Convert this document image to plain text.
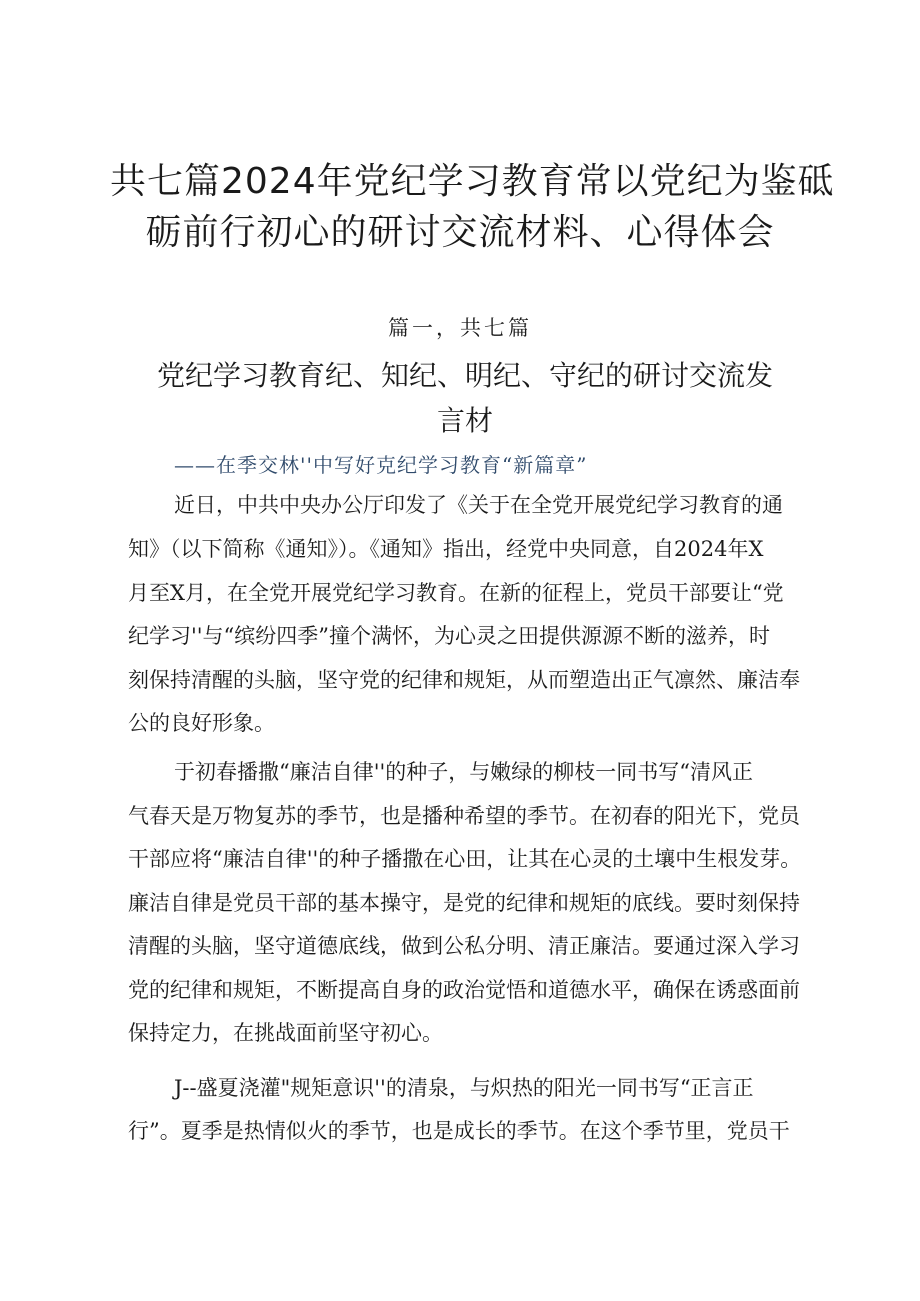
共七篇2024年党纪学习教育常以党纪为鉴砥
砺前行初心的研讨交流材料、心得体会
篇一，共七篇
党纪学习教育纪、知纪、明纪、守纪的研讨交流发
言材
——在季交林''中写好克纪学习教育“新篇章”
近日，中共中央办公厅印发了《关于在全党开展党纪学习教育的通
知》（以下简称《通知》）。《通知》指出，经党中央同意，自2024年X
月至X月，在全党开展党纪学习教育。在新的征程上，党员干部要让“党
纪学习''与“缤纷四季”撞个满怀，为心灵之田提供源源不断的滋养，时
刻保持清醒的头脑，坚守党的纪律和规矩，从而塑造出正气凛然、廉洁奉
公的良好形象。
于初春播撒“廉洁自律''的种子，与嫩绿的柳枝一同书写“清风正
气春天是万物复苏的季节，也是播种希望的季节。在初春的阳光下，党员
干部应将“廉洁自律''的种子播撒在心田，让其在心灵的土壤中生根发芽。
廉洁自律是党员干部的基本操守，是党的纪律和规矩的底线。要时刻保持
清醒的头脑，坚守道德底线，做到公私分明、清正廉洁。要通过深入学习
党的纪律和规矩，不断提高自身的政治觉悟和道德水平，确保在诱惑面前
保持定力，在挑战面前坚守初心。
J--盛夏浇灌"规矩意识''的清泉，与炽热的阳光一同书写“正言正
行”。夏季是热情似火的季节，也是成长的季节。在这个季节里，党员干
